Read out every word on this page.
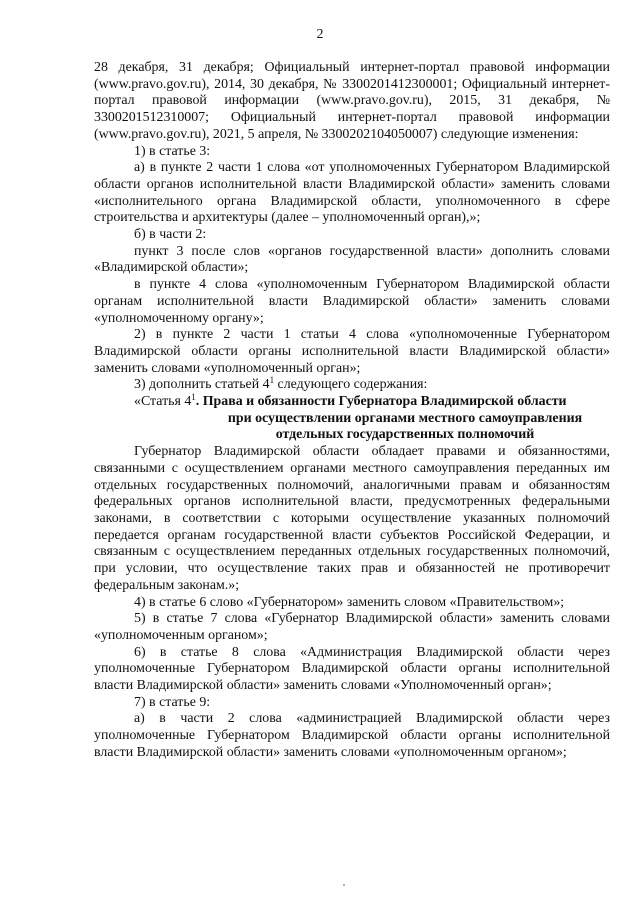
2

28 декабря, 31 декабря; Официальный интернет-портал правовой информации (www.pravo.gov.ru), 2014, 30 декабря, № 3300201412300001; Официальный интернет-портал правовой информации (www.pravo.gov.ru), 2015, 31 декабря, № 3300201512310007; Официальный интернет-портал правовой информации (www.pravo.gov.ru), 2021, 5 апреля, № 3300202104050007) следующие изменения:

1) в статье 3:

а) в пункте 2 части 1 слова «от уполномоченных Губернатором Владимирской области органов исполнительной власти Владимирской области» заменить словами «исполнительного органа Владимирской области, уполномоченного в сфере строительства и архитектуры (далее – уполномоченный орган),»;

б) в части 2:

пункт 3 после слов «органов государственной власти» дополнить словами «Владимирской области»;

в пункте 4 слова «уполномоченным Губернатором Владимирской области органам исполнительной власти Владимирской области» заменить словами «уполномоченному органу»;

2) в пункте 2 части 1 статьи 4 слова «уполномоченные Губернатором Владимирской области органы исполнительной власти Владимирской области» заменить словами «уполномоченный орган»;

3) дополнить статьей $4^1$ следующего содержания:

«Статья $4^1$. Права и обязанности Губернатора Владимирской области

при осуществлении органами местного самоуправления

отдельных государственных полномочий

Губернатор Владимирской области обладает правами и обязанностями, связанными с осуществлением органами местного самоуправления переданных им отдельных государственных полномочий, аналогичными правам и обязанностям федеральных органов исполнительной власти, предусмотренных федеральными законами, в соответствии с которыми осуществление указанных полномочий передается органам государственной власти субъектов Российской Федерации, и связанным с осуществлением переданных отдельных государственных полномочий, при условии, что осуществление таких прав и обязанностей не противоречит федеральным законам.»;

4) в статье 6 слово «Губернатором» заменить словом «Правительством»;

5) в статье 7 слова «Губернатор Владимирской области» заменить словами «уполномоченным органом»;

6) в статье 8 слова «Администрация Владимирской области через уполномоченные Губернатором Владимирской области органы исполнительной власти Владимирской области» заменить словами «Уполномоченный орган»;

7) в статье 9:

а) в части 2 слова «администрацией Владимирской области через уполномоченные Губернатором Владимирской области органы исполнительной власти Владимирской области» заменить словами «уполномоченным органом»;
